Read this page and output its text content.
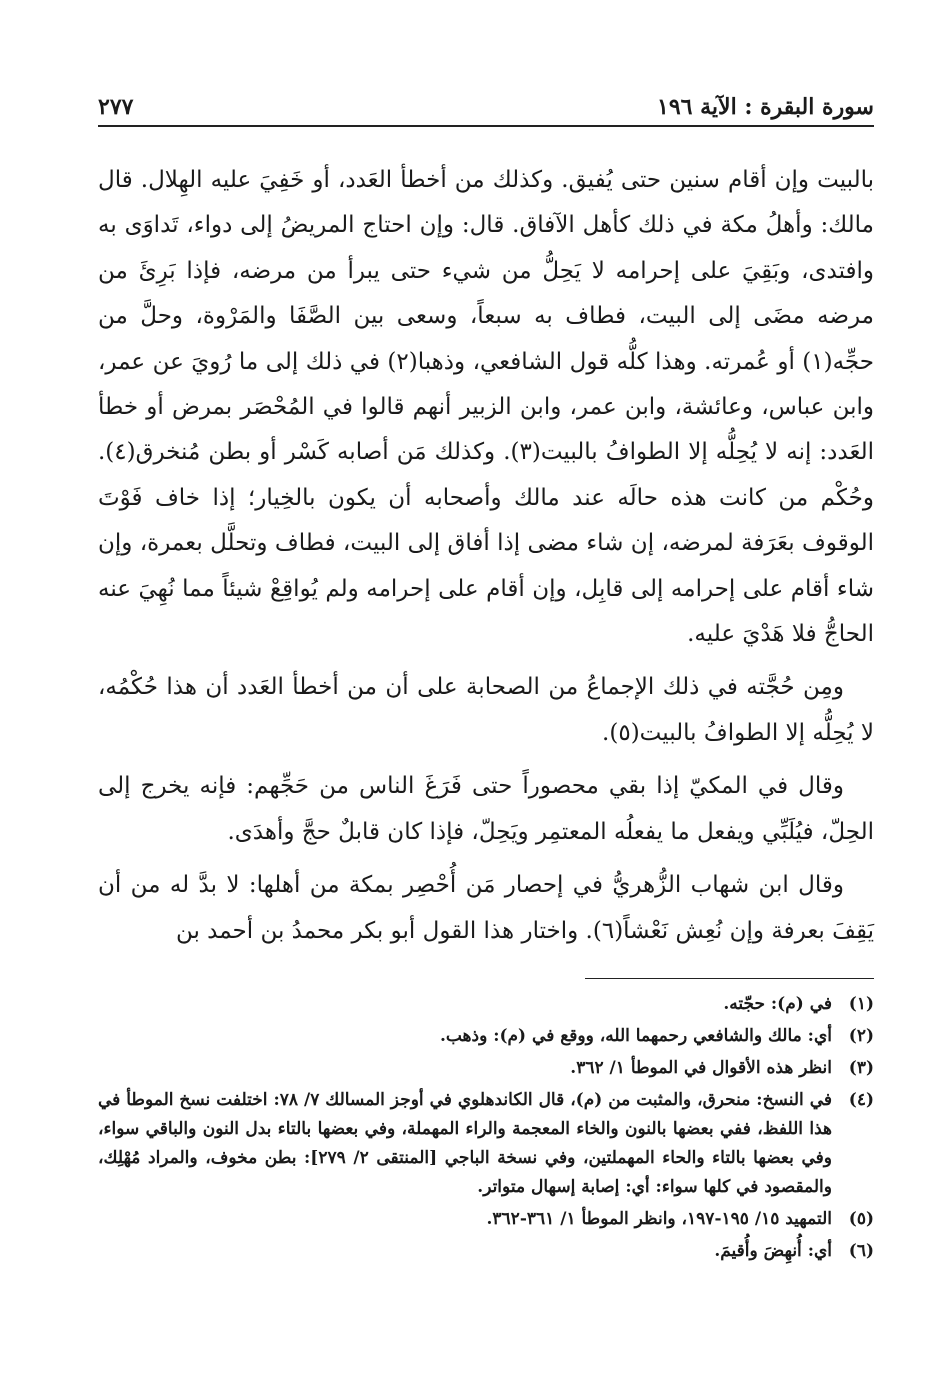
سورة البقرة : الآية ١٩٦
٢٧٧

بالبيت وإن أقام سنين حتى يُفيق. وكذلك من أخطأ العَدد، أو خَفِيَ عليه الهِلال. قال مالك: وأهلُ مكة في ذلك كأهل الآفاق. قال: وإن احتاج المريضُ إلى دواء، تَداوَى به وافتدى، وبَقِيَ على إحرامه لا يَحِلُّ من شيء حتى يبرأ من مرضه، فإذا بَرِئَ من مرضه مضَى إلى البيت، فطاف به سبعاً، وسعى بين الصَّفَا والمَرْوة، وحلَّ من حجِّه(١) أو عُمرته. وهذا كلُّه قول الشافعي، وذهبا(٢) في ذلك إلى ما رُويَ عن عمر، وابن عباس، وعائشة، وابن عمر، وابن الزبير أنهم قالوا في المُحْصَر بمرض أو خطأ العَدد: إنه لا يُحِلُّه إلا الطوافُ بالبيت(٣). وكذلك مَن أصابه كَسْر أو بطن مُنخرق(٤). وحُكْم من كانت هذه حالَه عند مالك وأصحابه أن يكون بالخِيار؛ إذا خاف فَوْتَ الوقوف بعَرَفة لمرضه، إن شاء مضى إذا أفاق إلى البيت، فطاف وتحلَّل بعمرة، وإن شاء أقام على إحرامه إلى قابِل، وإن أقام على إحرامه ولم يُواقِعْ شيئاً مما نُهِيَ عنه الحاجُّ فلا هَدْيَ عليه.

ومِن حُجَّته في ذلك الإجماعُ من الصحابة على أن من أخطأ العَدد أن هذا حُكْمُه، لا يُحِلُّه إلا الطوافُ بالبيت(٥).

وقال في المكيّ إذا بقي محصوراً حتى فَرَغَ الناس من حَجِّهم: فإنه يخرج إلى الحِلّ، فيُلَبِّي ويفعل ما يفعلُه المعتمِر ويَحِلّ، فإذا كان قابلٌ حجَّ وأهدَى.

وقال ابن شهاب الزُّهريُّ في إحصار مَن أُحْصِر بمكة من أهلها: لا بدَّ له من أن يَقِفَ بعرفة وإن نُعِش نَعْشاً(٦). واختار هذا القول أبو بكر محمدُ بن أحمد بن

(١)
في (م): حجّته.
(٢)
أي: مالك والشافعي رحمهما الله، ووقع في (م): وذهب.
(٣)
انظر هذه الأقوال في الموطأ ١/ ٣٦٢.
(٤)
في النسخ: منحرق، والمثبت من (م)، قال الكاندهلوي في أوجز المسالك ٧/ ٧٨: اختلفت نسخ الموطأ في هذا اللفظ، ففي بعضها بالنون والخاء المعجمة والراء المهملة، وفي بعضها بالتاء بدل النون والباقي سواء، وفي بعضها بالتاء والحاء المهملتين، وفي نسخة الباجي [المنتقى ٢/ ٢٧٩]: بطن مخوف، والمراد مُهْلِك، والمقصود في كلها سواء: أي: إصابة إسهال متواتر.
(٥)
التمهيد ١٥/ ١٩٥-١٩٧، وانظر الموطأ ١/ ٣٦١-٣٦٢.
(٦)
أي: أُنهِضَ وأُقيمَ.
